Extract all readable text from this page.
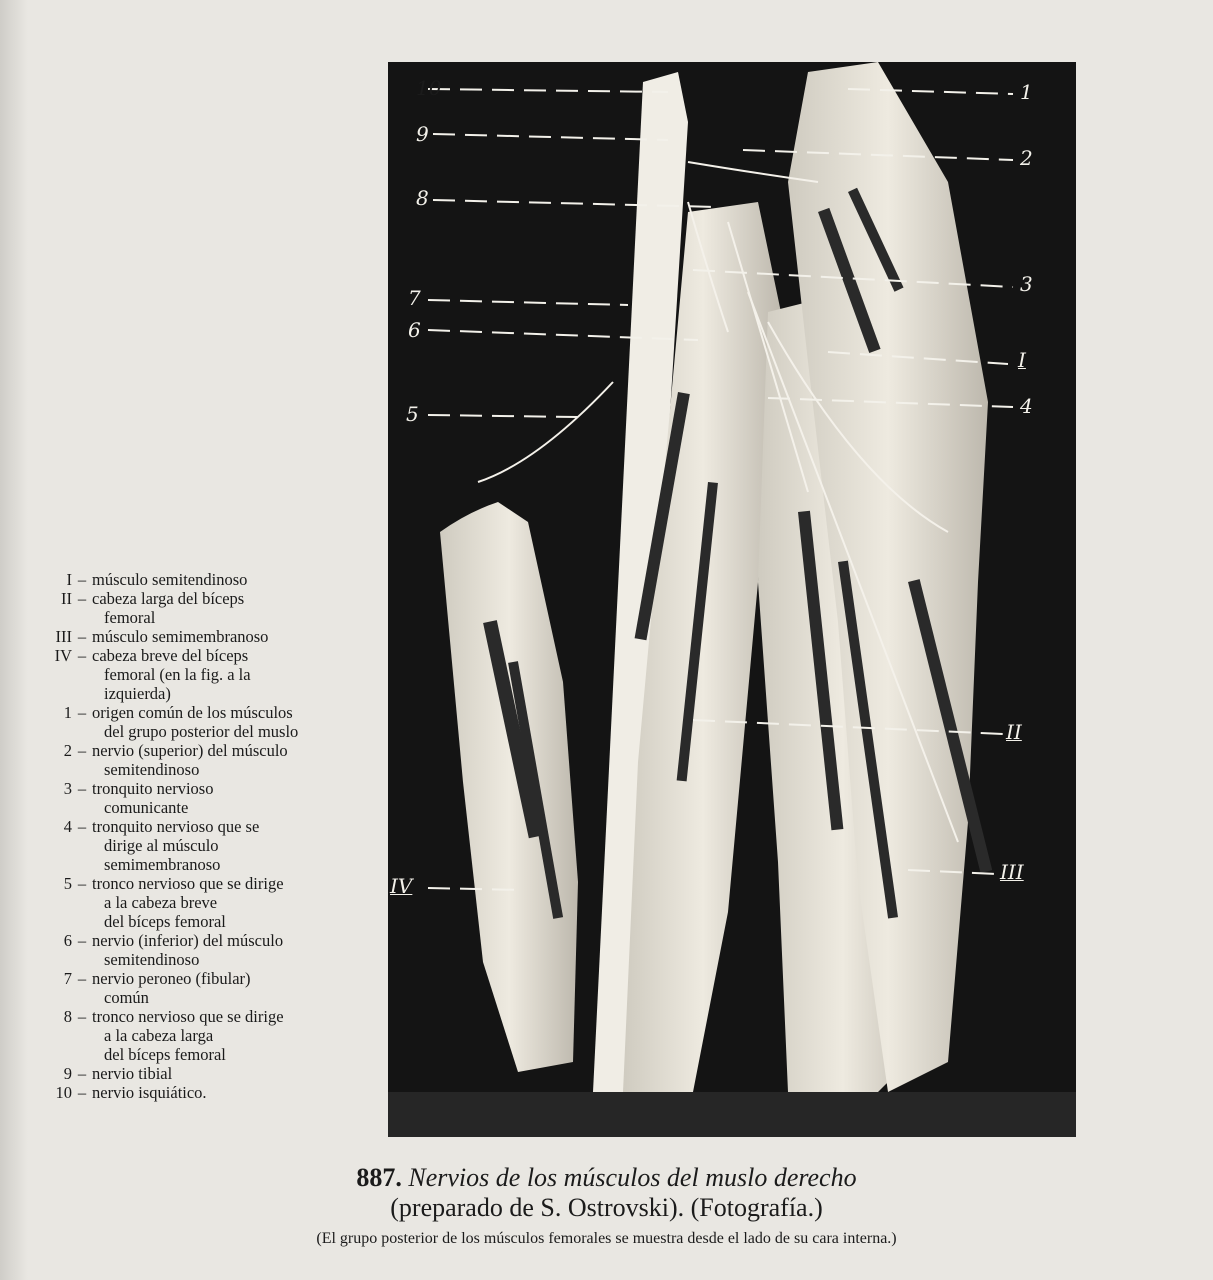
I – músculo semitendinoso
II – cabeza larga del bíceps
femoral
III – músculo semimembranoso
IV – cabeza breve del bíceps
femoral (en la fig. a la
izquierda)
1 – origen común de los músculos
del grupo posterior del muslo
2 – nervio (superior) del músculo
semitendinoso
3 – tronquito nervioso
comunicante
4 – tronquito nervioso que se
dirige al músculo
semimembranoso
5 – tronco nervioso que se dirige
a la cabeza breve
del bíceps femoral
6 – nervio (inferior) del músculo
semitendinoso
7 – nervio peroneo (fibular)
común
8 – tronco nervioso que se dirige
a la cabeza larga
del bíceps femoral
9 – nervio tibial
10 – nervio isquiático.
10
9
8
7
6
5
IV
1
2
3
I
4
II
III
887. Nervios de los músculos del muslo derecho
(preparado de S. Ostrovski). (Fotografía.)
(El grupo posterior de los músculos femorales se muestra desde el lado de su cara interna.)
